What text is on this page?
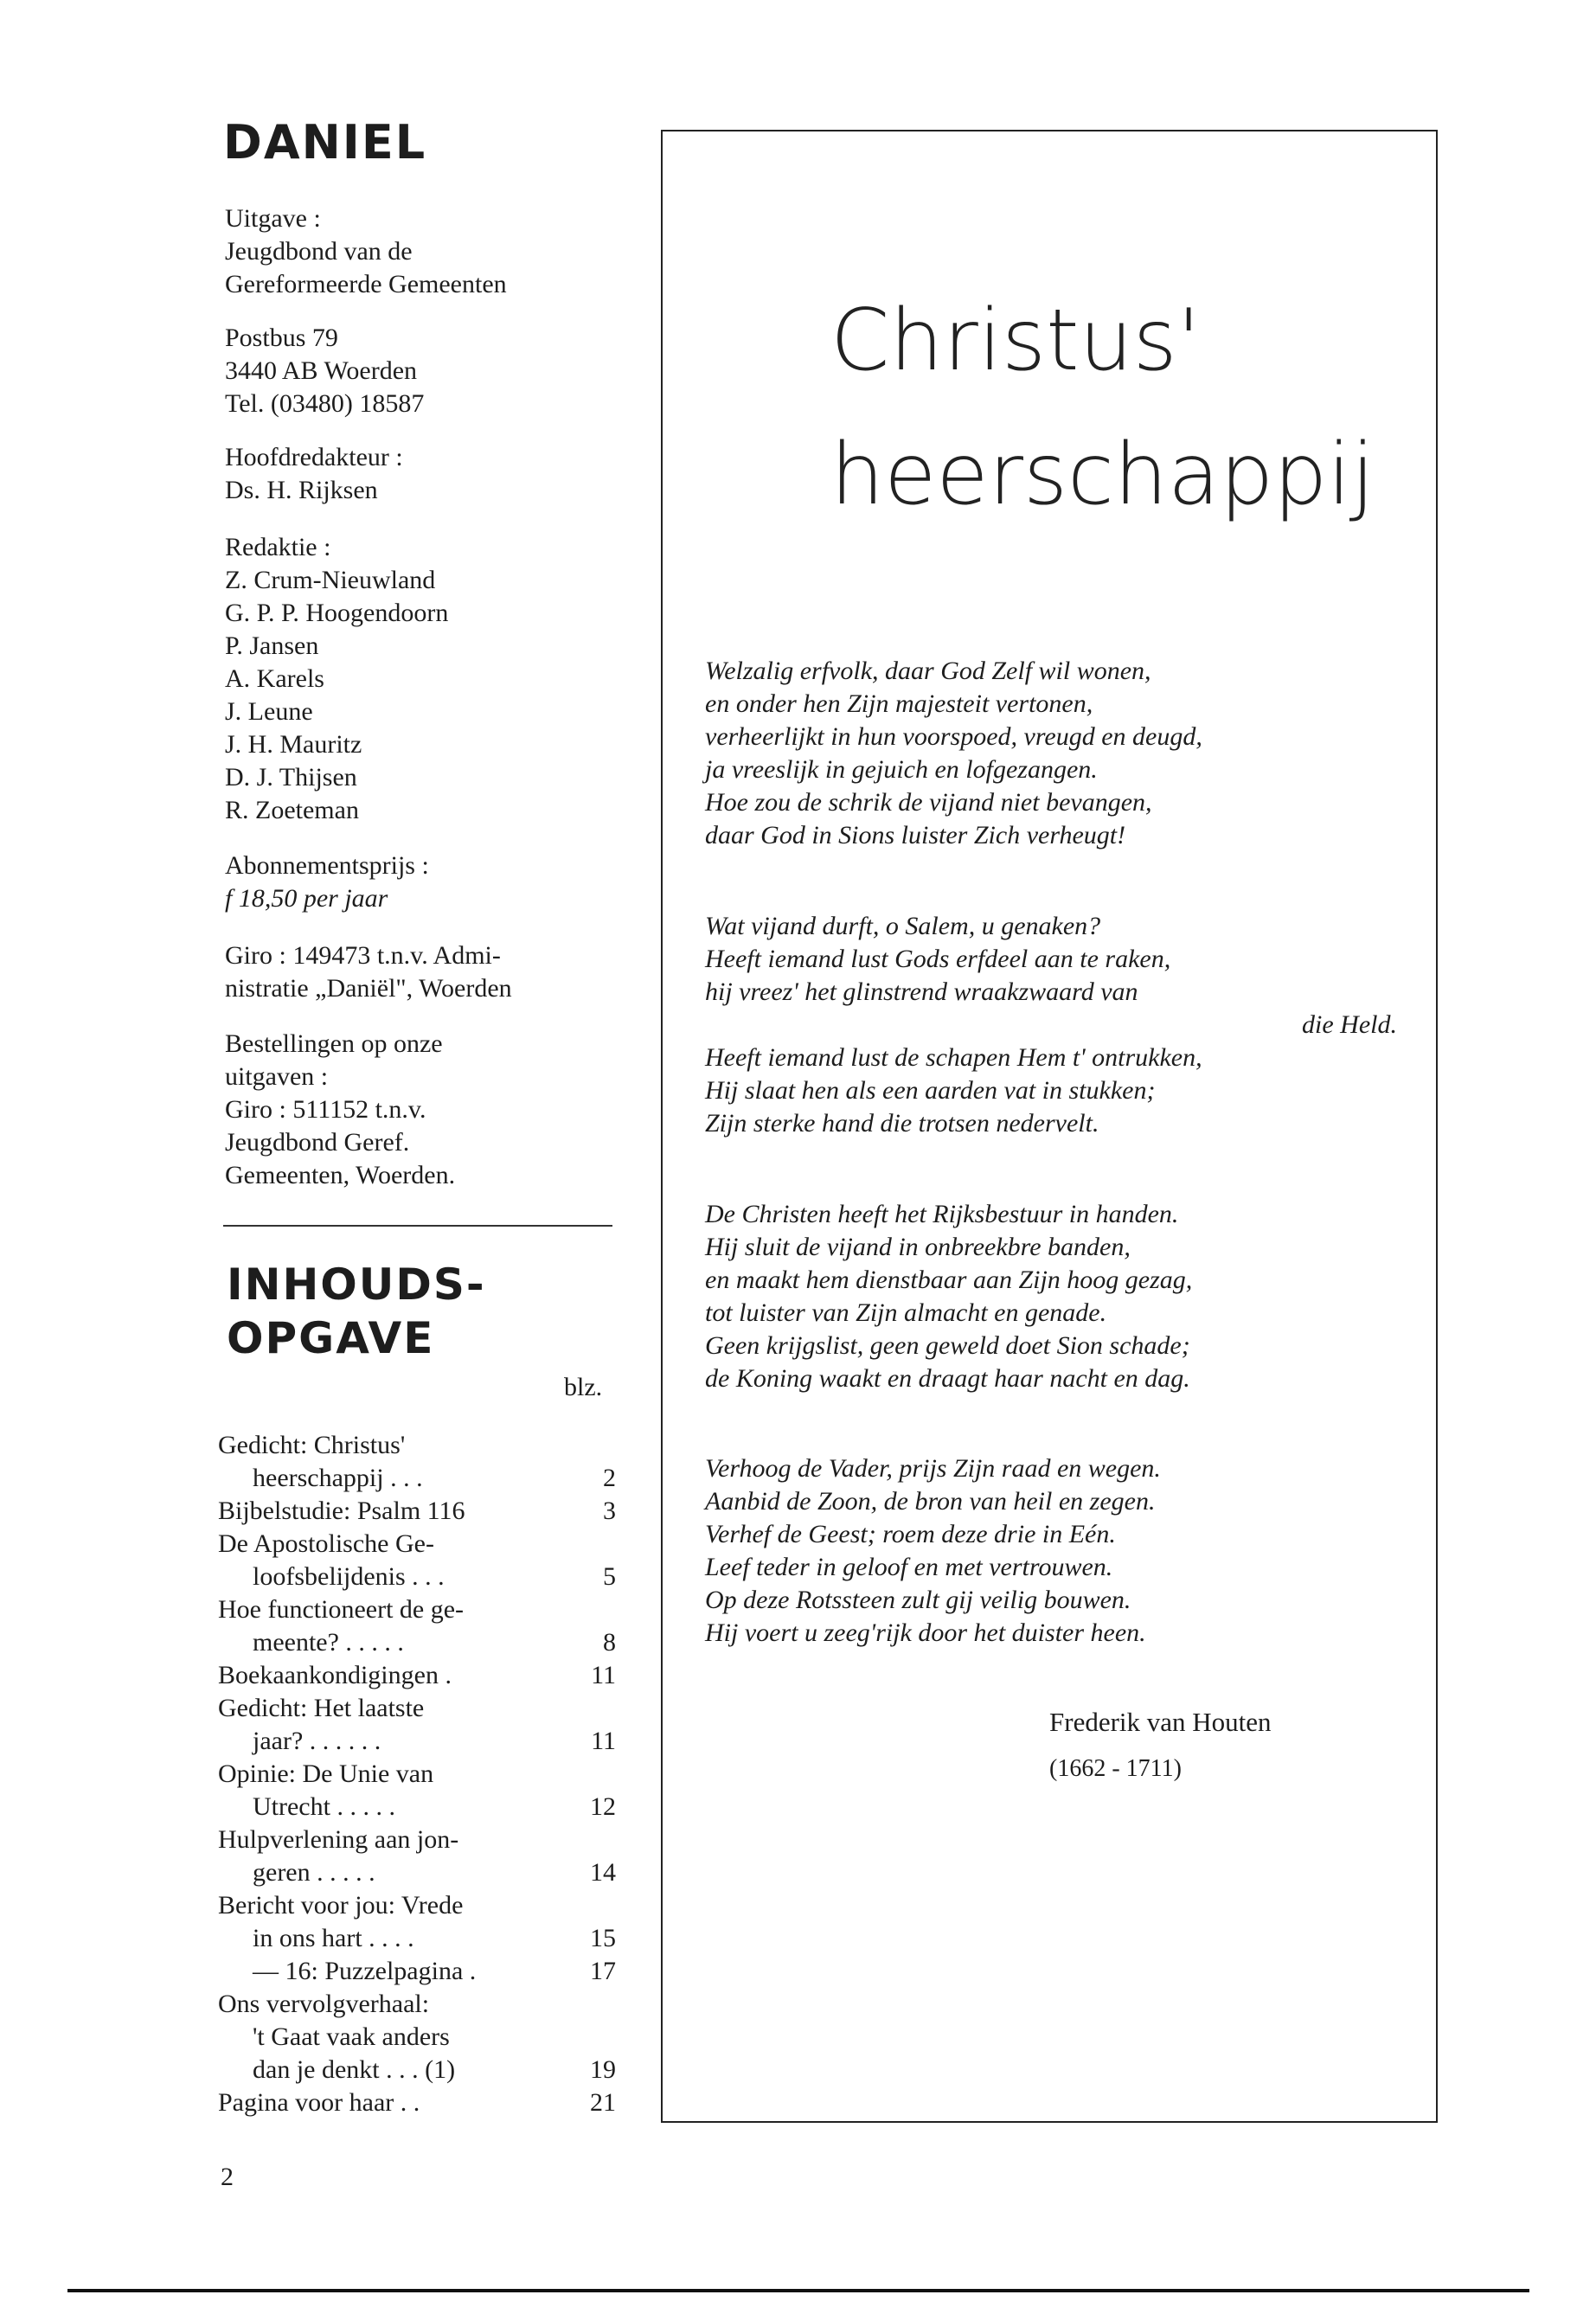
DANIEL
Uitgave :
Jeugdbond van de
Gereformeerde Gemeenten
Postbus 79
3440 AB Woerden
Tel. (03480) 18587
Hoofdredakteur :
Ds. H. Rijksen
Redaktie :
Z. Crum-Nieuwland
G. P. P. Hoogendoorn
P. Jansen
A. Karels
J. Leune
J. H. Mauritz
D. J. Thijsen
R. Zoeteman
Abonnementsprijs :
f 18,50 per jaar
Giro : 149473 t.n.v. Admi-
nistratie „Daniël", Woerden
Bestellingen op onze
uitgaven :
Giro : 511152 t.n.v.
Jeugdbond Geref.
Gemeenten, Woerden.
INHOUDS-
OPGAVE
blz.
Gedicht: Christus'
heerschappij . . .	2
Bijbelstudie: Psalm 116	3
De Apostolische Ge-
loofsbelijdenis . . .	5
Hoe functioneert de ge-
meente? . . . . .	8
Boekaankondigingen .	11
Gedicht: Het laatste
jaar? . . . . . .	11
Opinie: De Unie van
Utrecht . . . . .	12
Hulpverlening aan jon-
geren . . . . .	14
Bericht voor jou: Vrede
in ons hart . . . .	15
— 16: Puzzelpagina .	17
Ons vervolgverhaal:
't Gaat vaak anders
dan je denkt . . . (1)	19
Pagina voor haar . .	21
Christus'
heerschappij
Welzalig erfvolk, daar God Zelf wil wonen,
en onder hen Zijn majesteit vertonen,
verheerlijkt in hun voorspoed, vreugd en deugd,
ja vreeslijk in gejuich en lofgezangen.
Hoe zou de schrik de vijand niet bevangen,
daar God in Sions luister Zich verheugt!
Wat vijand durft, o Salem, u genaken?
Heeft iemand lust Gods erfdeel aan te raken,
hij vreez' het glinstrend wraakzwaard van
die Held.
Heeft iemand lust de schapen Hem t' ontrukken,
Hij slaat hen als een aarden vat in stukken;
Zijn sterke hand die trotsen nedervelt.
De Christen heeft het Rijksbestuur in handen.
Hij sluit de vijand in onbreekbre banden,
en maakt hem dienstbaar aan Zijn hoog gezag,
tot luister van Zijn almacht en genade.
Geen krijgslist, geen geweld doet Sion schade;
de Koning waakt en draagt haar nacht en dag.
Verhoog de Vader, prijs Zijn raad en wegen.
Aanbid de Zoon, de bron van heil en zegen.
Verhef de Geest; roem deze drie in Eén.
Leef teder in geloof en met vertrouwen.
Op deze Rotssteen zult gij veilig bouwen.
Hij voert u zeeg'rijk door het duister heen.
Frederik van Houten
(1662 - 1711)
2
